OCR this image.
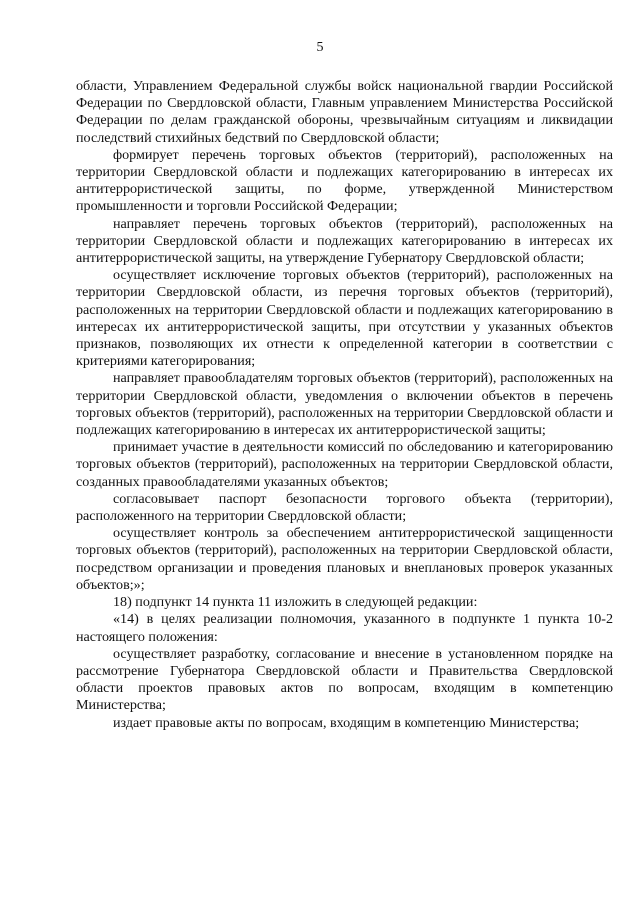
5

области, Управлением Федеральной службы войск национальной гвардии Российской Федерации по Свердловской области, Главным управлением Министерства Российской Федерации по делам гражданской обороны, чрезвычайным ситуациям и ликвидации последствий стихийных бедствий по Свердловской области;

формирует перечень торговых объектов (территорий), расположенных на территории Свердловской области и подлежащих категорированию в интересах их антитеррористической защиты, по форме, утвержденной Министерством промышленности и торговли Российской Федерации;

направляет перечень торговых объектов (территорий), расположенных на территории Свердловской области и подлежащих категорированию в интересах их антитеррористической защиты, на утверждение Губернатору Свердловской области;

осуществляет исключение торговых объектов (территорий), расположенных на территории Свердловской области, из перечня торговых объектов (территорий), расположенных на территории Свердловской области и подлежащих категорированию в интересах их антитеррористической защиты, при отсутствии у указанных объектов признаков, позволяющих их отнести к определенной категории в соответствии с критериями категорирования;

направляет правообладателям торговых объектов (территорий), расположенных на территории Свердловской области, уведомления о включении объектов в перечень торговых объектов (территорий), расположенных на территории Свердловской области и подлежащих категорированию в интересах их антитеррористической защиты;

принимает участие в деятельности комиссий по обследованию и категорированию торговых объектов (территорий), расположенных на территории Свердловской области, созданных правообладателями указанных объектов;

согласовывает паспорт безопасности торгового объекта (территории), расположенного на территории Свердловской области;

осуществляет контроль за обеспечением антитеррористической защищенности торговых объектов (территорий), расположенных на территории Свердловской области, посредством организации и проведения плановых и внеплановых проверок указанных объектов;»;

18) подпункт 14 пункта 11 изложить в следующей редакции:

«14) в целях реализации полномочия, указанного в подпункте 1 пункта 10-2 настоящего положения:

осуществляет разработку, согласование и внесение в установленном порядке на рассмотрение Губернатора Свердловской области и Правительства Свердловской области проектов правовых актов по вопросам, входящим в компетенцию Министерства;

издает правовые акты по вопросам, входящим в компетенцию Министерства;
